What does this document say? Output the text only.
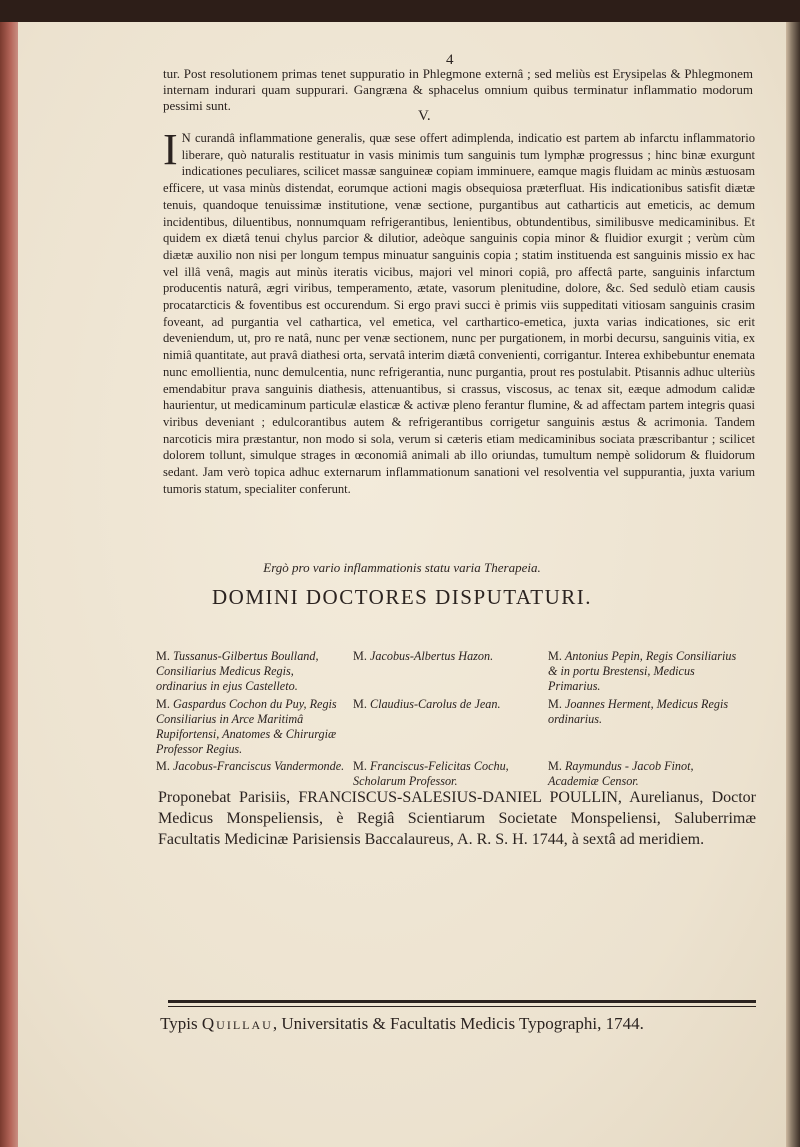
4
tur. Post resolutionem primas tenet suppuratio in Phlegmone externâ ; sed meliùs est Erysipelas & Phlegmonem internam indurari quam suppurari. Gangræna & sphacelus omnium quibus terminatur inflammatio modorum pessimi sunt.
V.
I N curandâ inflammatione generalis, quæ sese offert adimplenda, indicatio est partem ab infarctu inflammatorio liberare, quò naturalis restituatur in vasis minimis tum sanguinis tum lymphæ progressus ; hinc binæ exurgunt indicationes peculiares, scilicet massæ sanguineæ copiam imminuere, eamque magis fluidam ac minùs æstuosam efficere, ut vasa minùs distendat, eorumque actioni magis obsequiosa præterfluat. His indicationibus satisfit diætæ tenuis, quandoque tenuissimæ institutione, venæ sectione, purgantibus aut catharticis aut emeticis, ac demum incidentibus, diluentibus, nonnumquam refrigerantibus, lenientibus, obtundentibus, similibusve medicaminibus. Et quidem ex diætâ tenui chylus parcior & dilutior, adeòque sanguinis copia minor & fluidior exurgit ; verùm cùm diætæ auxilio non nisi per longum tempus minuatur sanguinis copia ; statim instituenda est sanguinis missio ex hac vel illâ venâ, magis aut minùs iteratis vicibus, majori vel minori copiâ, pro affectâ parte, sanguinis infarctum producentis naturâ, ægri viribus, temperamento, ætate, vasorum plenitudine, dolore, &c. Sed sedulò etiam causis procatarcticis & foventibus est occurendum. Si ergo pravi succi è primis viis suppeditati vitiosam sanguinis crasim foveant, ad purgantia vel cathartica, vel emetica, vel carthartico-emetica, juxta varias indicationes, sic erit deveniendum, ut, pro re natâ, nunc per venæ sectionem, nunc per purgationem, in morbi decursu, sanguinis vitia, ex nimiâ quantitate, aut pravâ diathesi orta, servatâ interim diætâ convenienti, corrigantur. Interea exhibebuntur enemata nunc emollientia, nunc demulcentia, nunc refrigerantia, nunc purgantia, prout res postulabit. Ptisannis adhuc ulteriùs emendabitur prava sanguinis diathesis, attenuantibus, si crassus, viscosus, ac tenax sit, eæque admodum calidæ haurientur, ut medicaminum particulæ elasticæ & activæ pleno ferantur flumine, & ad affectam partem integris quasi viribus deveniant ; edulcorantibus autem & refrigerantibus corrigetur sanguinis æstus & acrimonia. Tandem narcoticis mira præstantur, non modo si sola, verum si cæteris etiam medicaminibus sociata præscribantur ; scilicet dolorem tollunt, simulque strages in œconomiâ animali ab illo oriundas, tumultum nempè solidorum & fluidorum sedant. Jam verò topica adhuc externarum inflammationum sanationi vel resolventia vel suppurantia, juxta varium tumoris statum, specialiter conferunt.
Ergò pro vario inflammationis statu varia Therapeia.
DOMINI DOCTORES DISPUTATURI.
M. Tussanus-Gilbertus Boulland, Consiliarius Medicus Regis, ordinarius in ejus Castelleto.
M. Jacobus-Albertus Hazon.	M. Antonius Pepin, Regis Consiliarius & in portu Brestensi, Medicus Primarius.
M. Gaspardus Cochon du Puy, Regis Consiliarius in Arce Maritimâ Rupifortensi, Anatomes & Chirurgiæ Professor Regius.
M. Claudius-Carolus de Jean.	M. Joannes Herment, Medicus Regis ordinarius.
M. Jacobus-Franciscus Vandermonde. M. Franciscus-Felicitas Cochu, Scholarum Professor.
M. Raymundus - Jacob Finot, Academiæ Censor.
Proponebat Parisiis, FRANCISCUS-SALESIUS-DANIEL POULLIN, Aurelianus, Doctor Medicus Monspeliensis, è Regiâ Scientiarum Societate Monspeliensi, Saluberrimæ Facultatis Medicinæ Parisiensis Baccalaureus, A. R. S. H. 1744, à sextâ ad meridiem.
Typis Quillau, Universitatis & Facultatis Medicis Typographi, 1744.
